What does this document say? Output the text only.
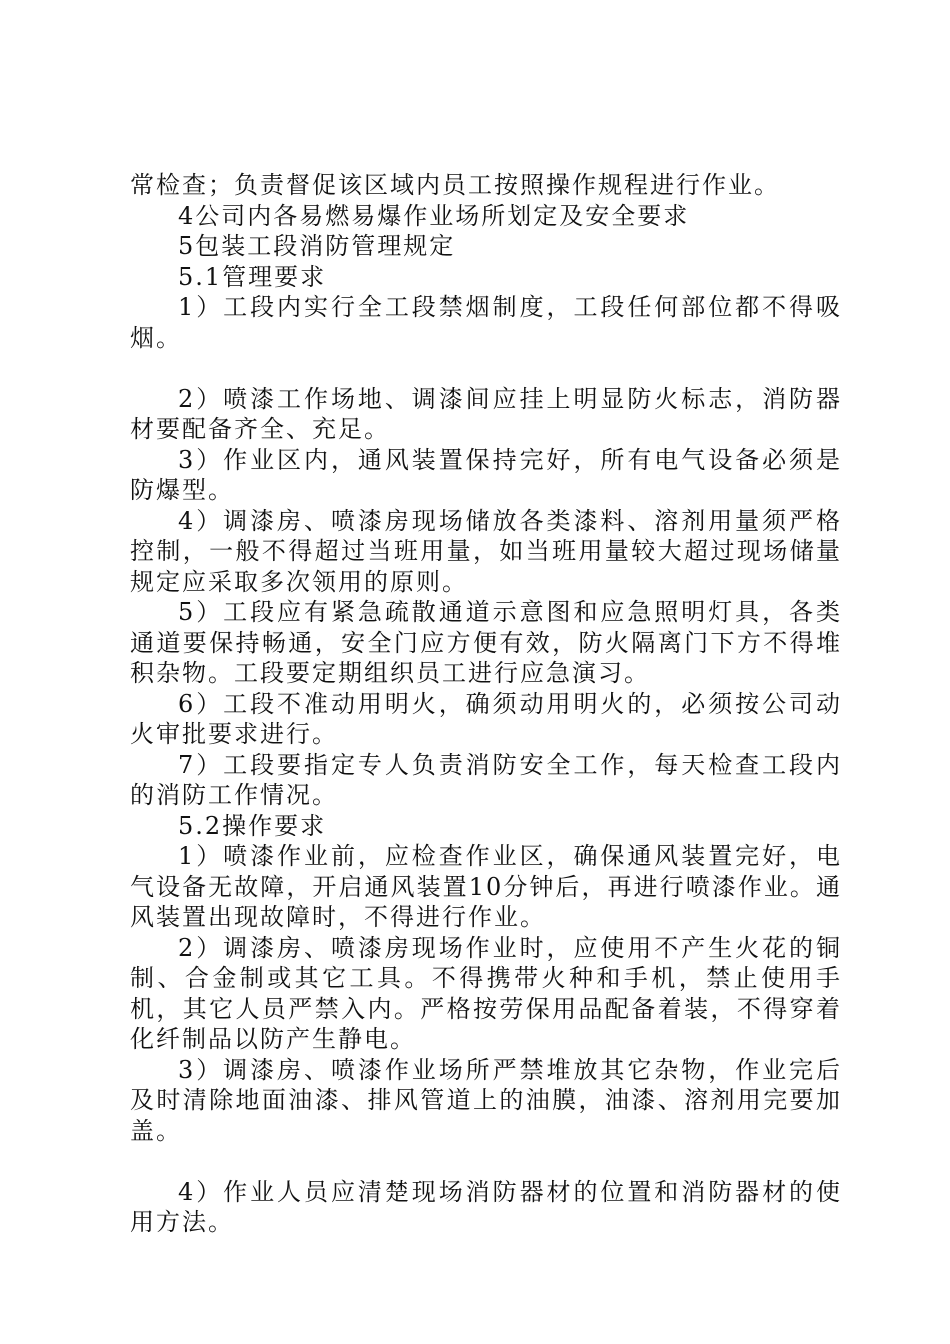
常检查；负责督促该区域内员工按照操作规程进行作业。

4公司内各易燃易爆作业场所划定及安全要求

5包装工段消防管理规定

5.1管理要求

1）工段内实行全工段禁烟制度，工段任何部位都不得吸烟。

2）喷漆工作场地、调漆间应挂上明显防火标志，消防器材要配备齐全、充足。

3）作业区内，通风装置保持完好，所有电气设备必须是防爆型。

4）调漆房、喷漆房现场储放各类漆料、溶剂用量须严格控制，一般不得超过当班用量，如当班用量较大超过现场储量规定应采取多次领用的原则。

5）工段应有紧急疏散通道示意图和应急照明灯具，各类通道要保持畅通，安全门应方便有效，防火隔离门下方不得堆积杂物。工段要定期组织员工进行应急演习。

6）工段不准动用明火，确须动用明火的，必须按公司动火审批要求进行。

7）工段要指定专人负责消防安全工作，每天检查工段内的消防工作情况。

5.2操作要求

1）喷漆作业前，应检查作业区，确保通风装置完好，电气设备无故障，开启通风装置10分钟后，再进行喷漆作业。通风装置出现故障时，不得进行作业。

2）调漆房、喷漆房现场作业时，应使用不产生火花的铜制、合金制或其它工具。不得携带火种和手机，禁止使用手机，其它人员严禁入内。严格按劳保用品配备着装，不得穿着化纤制品以防产生静电。

3）调漆房、喷漆作业场所严禁堆放其它杂物，作业完后及时清除地面油漆、排风管道上的油膜，油漆、溶剂用完要加盖。

4）作业人员应清楚现场消防器材的位置和消防器材的使用方法。
